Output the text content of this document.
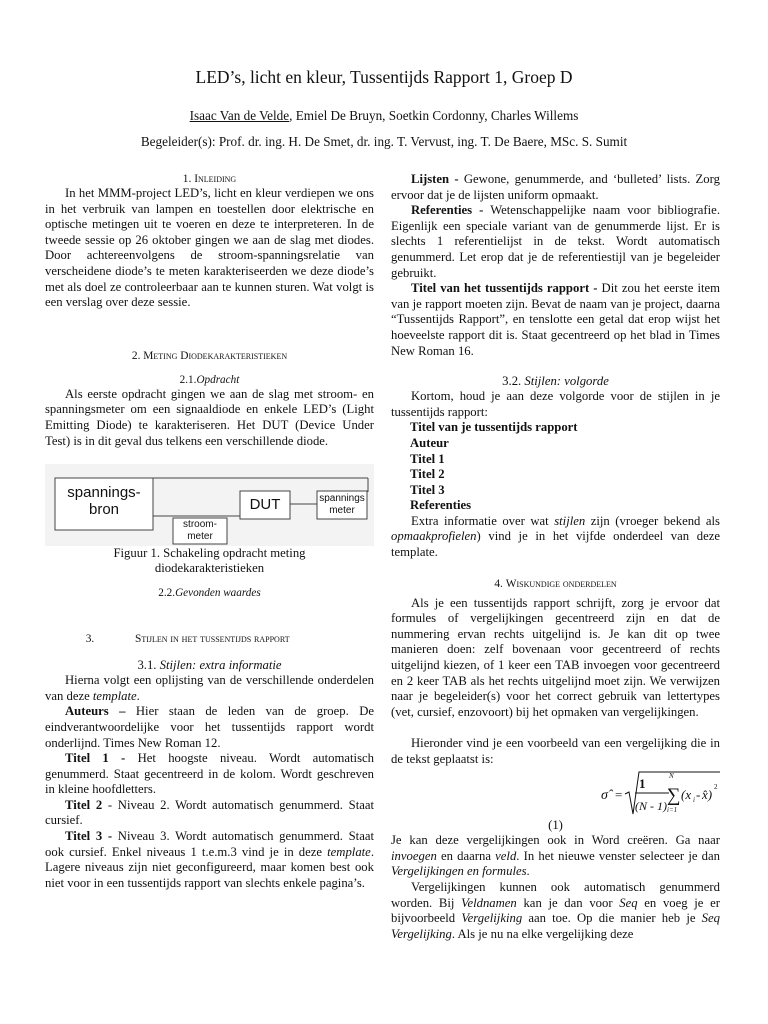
LED’s, licht en kleur, Tussentijds Rapport 1, Groep D
Isaac Van de Velde, Emiel De Bruyn, Soetkin Cordonny, Charles Willems
Begeleider(s): Prof. dr. ing. H. De Smet, dr. ing. T. Vervust, ing. T. De Baere, MSc. S. Sumit

1. Inleiding

In het MMM-project LED’s, licht en kleur verdiepen we ons in het verbruik van lampen en toestellen door elektrische en optische metingen uit te voeren en deze te interpreteren. In de tweede sessie op 26 oktober gingen we aan de slag met diodes. Door achtereenvolgens de stroom-spanningsrelatie van verscheidene diode’s te meten karakteriseerden we deze diode’s met als doel ze controleerbaar aan te kunnen sturen. Wat volgt is een verslag over deze sessie.

2. Meting Diodekarakteristieken

2.1.Opdracht

Als eerste opdracht gingen we aan de slag met stroom- en spanningsmeter om een signaaldiode en enkele LED’s (Light Emitting Diode) te karakteriseren. Het DUT (Device Under Test) is in dit geval dus telkens een verschillende diode.

spannings-
bron	DUT	spannings
meter
stroom-
meter

Figuur 1. Schakeling opdracht meting
diodekarakteristieken

2.2.Gevonden waardes

3.	Stijlen in het tussentijds rapport

3.1. Stijlen: extra informatie

Hierna volgt een oplijsting van de verschillende onderdelen van deze template.

Auteurs – Hier staan de leden van de groep. De eindverantwoordelijke voor het tussentijds rapport wordt onderlijnd. Times New Roman 12.

Titel 1 - Het hoogste niveau. Wordt automatisch genummerd. Staat gecentreerd in de kolom. Wordt geschreven in kleine hoofdletters.

Titel 2 - Niveau 2. Wordt automatisch genummerd. Staat cursief.

Titel 3 - Niveau 3. Wordt automatisch genummerd. Staat ook cursief. Enkel niveaus 1 t.e.m.3 vind je in deze template. Lagere niveaus zijn niet geconfigureerd, maar komen best ook niet voor in een tussentijds rapport van slechts enkele pagina’s.

Lijsten - Gewone, genummerde, and ‘bulleted’ lists. Zorg ervoor dat je de lijsten uniform opmaakt.

Referenties - Wetenschappelijke naam voor bibliografie. Eigenlijk een speciale variant van de genummerde lijst. Er is slechts 1 referentielijst in de tekst. Wordt automatisch genummerd. Let erop dat je de referentiestijl van je begeleider gebruikt.

Titel van het tussentijds rapport - Dit zou het eerste item van je rapport moeten zijn. Bevat de naam van je project, daarna “Tussentijds Rapport”, en tenslotte een getal dat erop wijst het hoeveelste rapport dit is. Staat gecentreerd op het blad in Times New Roman 16.

3.2. Stijlen: volgorde

Kortom, houd je aan deze volgorde voor de stijlen in je tussentijds rapport:

Titel van je tussentijds rapport
Auteur
Titel 1
Titel 2
Titel 3
Referenties

Extra informatie over wat stijlen zijn (vroeger bekend als opmaakprofielen) vind je in het vijfde onderdeel van deze template.

4. Wiskundige onderdelen

Als je een tussentijds rapport schrijft, zorg je ervoor dat formules of vergelijkingen gecentreerd zijn en dat de nummering ervan rechts uitgelijnd is. Je kan dit op twee manieren doen: zelf bovenaan voor gecentreerd of rechts uitgelijnd kiezen, of 1 keer een TAB invoegen voor gecentreerd en 2 keer TAB als het rechts uitgelijnd moet zijn. We verwijzen naar je begeleider(s) voor het correct gebruik van lettertypes (vet, cursief, enzovoort) bij het opmaken van vergelijkingen.

Hieronder vind je een voorbeeld van een vergelijking die in de tekst geplaatst is:

σ̂ =
1
(N - 1)
N
∑
i=1
(x i - x̂) 2
(1)

Je kan deze vergelijkingen ook in Word creëren. Ga naar invoegen en daarna veld. In het nieuwe venster selecteer je dan Vergelijkingen en formules.

Vergelijkingen kunnen ook automatisch genummerd worden. Bij Veldnamen kan je dan voor Seq en voeg je er bijvoorbeeld Vergelijking aan toe. Op die manier heb je Seq Vergelijking. Als je nu na elke vergelijking deze
